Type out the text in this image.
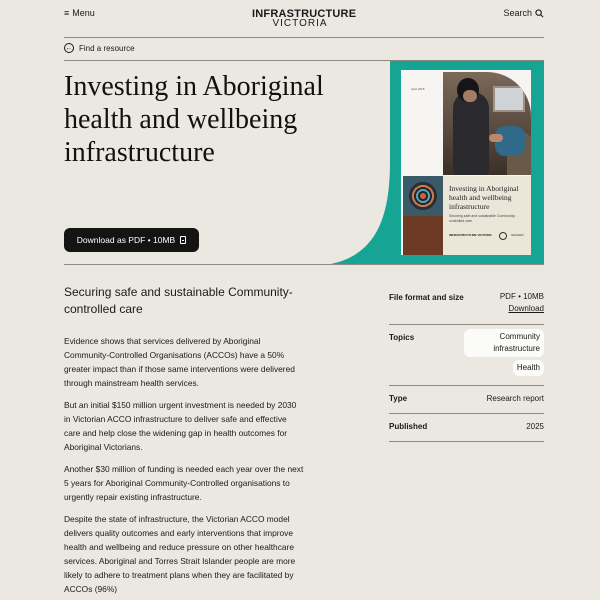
≡ Menu	INFRASTRUCTURE
VICTORIA
Search
← Find a resource
Investing in Aboriginal health and wellbeing infrastructure
Download as PDF • 10MB
April 2025
Investing in Aboriginal health and wellbeing infrastructure
Securing safe and sustainable Community-controlled care
INFRASTRUCTURE VICTORIA	VACCHO
Securing safe and sustainable Community-controlled care

Evidence shows that services delivered by Aboriginal Community-Controlled Organisations (ACCOs) have a 50% greater impact than if those same interventions were delivered through mainstream health services.

But an initial $150 million urgent investment is needed by 2030 in Victorian ACCO infrastructure to deliver safe and effective care and help close the widening gap in health outcomes for Aboriginal Victorians.

Another $30 million of funding is needed each year over the next 5 years for Aboriginal Community-Controlled organisations to urgently repair existing infrastructure.

Despite the state of infrastructure, the Victorian ACCO model delivers quality outcomes and early interventions that improve health and wellbeing and reduce pressure on other healthcare services. Aboriginal and Torres Strait Islander people are more likely to adhere to treatment plans when they are facilitated by ACCOs (96%)

File format and size	PDF • 10MB
Download
Topics	Community infrastructure
Health
Type	Research report
Published	2025
